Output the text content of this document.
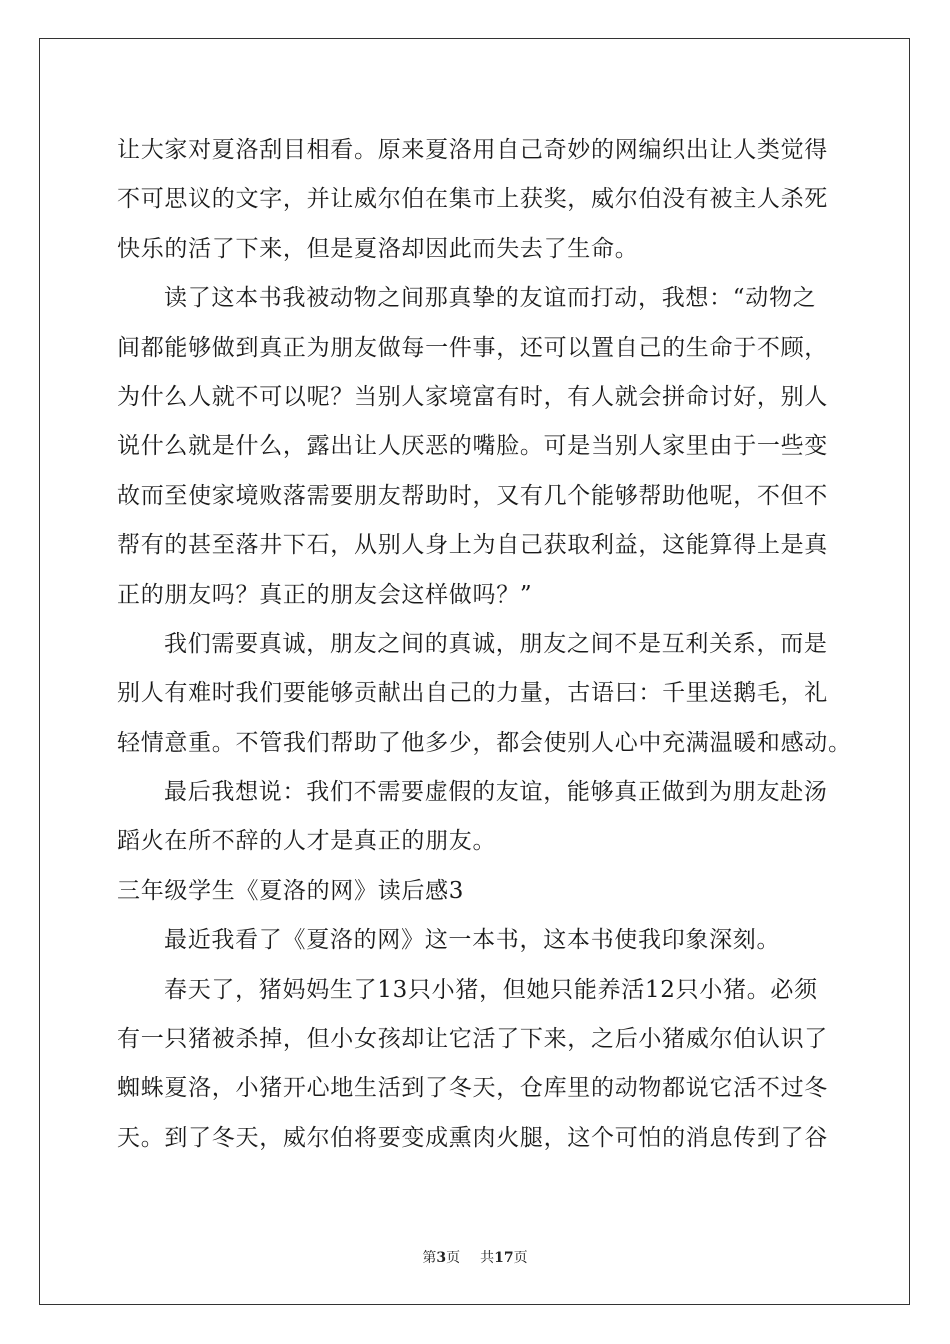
让大家对夏洛刮目相看。原来夏洛用自己奇妙的网编织出让人类觉得
不可思议的文字，并让威尔伯在集市上获奖，威尔伯没有被主人杀死
快乐的活了下来，但是夏洛却因此而失去了生命。
读了这本书我被动物之间那真挚的友谊而打动，我想：“动物之
间都能够做到真正为朋友做每一件事，还可以置自己的生命于不顾，
为什么人就不可以呢？当别人家境富有时，有人就会拼命讨好，别人
说什么就是什么，露出让人厌恶的嘴脸。可是当别人家里由于一些变
故而至使家境败落需要朋友帮助时，又有几个能够帮助他呢，不但不
帮有的甚至落井下石，从别人身上为自己获取利益，这能算得上是真
正的朋友吗？真正的朋友会这样做吗？”
我们需要真诚，朋友之间的真诚，朋友之间不是互利关系，而是
别人有难时我们要能够贡献出自己的力量，古语曰：千里送鹅毛，礼
轻情意重。不管我们帮助了他多少，都会使别人心中充满温暖和感动。
最后我想说：我们不需要虚假的友谊，能够真正做到为朋友赴汤
蹈火在所不辞的人才是真正的朋友。
三年级学生《夏洛的网》读后感3
最近我看了《夏洛的网》这一本书，这本书使我印象深刻。
春天了，猪妈妈生了13只小猪，但她只能养活12只小猪。必须
有一只猪被杀掉，但小女孩却让它活了下来，之后小猪威尔伯认识了
蜘蛛夏洛，小猪开心地生活到了冬天，仓库里的动物都说它活不过冬
天。到了冬天，威尔伯将要变成熏肉火腿，这个可怕的消息传到了谷
第3页 共17页
